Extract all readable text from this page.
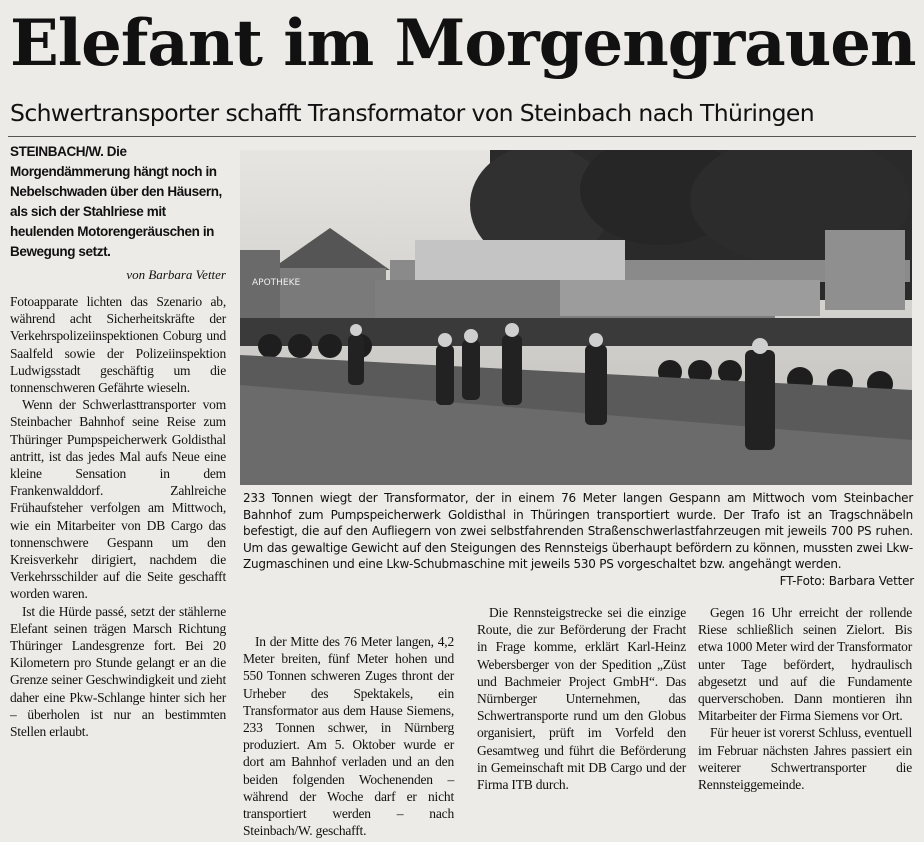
Elefant im Morgengrauen
Schwertransporter schafft Transformator von Steinbach nach Thüringen

STEINBACH/W. Die Morgendämmerung hängt noch in Nebelschwaden über den Häusern, als sich der Stahlriese mit heulenden Motorengeräuschen in Bewegung setzt.

von Barbara Vetter

Fotoapparate lichten das Szenario ab, während acht Sicherheitskräfte der Verkehrspolizeiinspektionen Coburg und Saalfeld sowie der Polizeiinspektion Ludwigsstadt geschäftig um die tonnenschweren Gefährte wieseln.

Wenn der Schwerlasttransporter vom Steinbacher Bahnhof seine Reise zum Thüringer Pumpspeicherwerk Goldisthal antritt, ist das jedes Mal aufs Neue eine kleine Sensation in dem Frankenwalddorf. Zahlreiche Frühaufsteher verfolgen am Mittwoch, wie ein Mitarbeiter von DB Cargo das tonnenschwere Gespann um den Kreisverkehr dirigiert, nachdem die Verkehrsschilder auf die Seite geschafft worden waren.

Ist die Hürde passé, setzt der stählerne Elefant seinen trägen Marsch Richtung Thüringer Landesgrenze fort. Bei 20 Kilometern pro Stunde gelangt er an die Grenze seiner Geschwindigkeit und zieht daher eine Pkw-Schlange hinter sich her – überholen ist nur an bestimmten Stellen erlaubt.

APOTHEKE
233 Tonnen wiegt der Transformator, der in einem 76 Meter langen Gespann am Mittwoch vom Steinbacher Bahnhof zum Pumpspeicherwerk Goldisthal in Thüringen transportiert wurde. Der Trafo ist an Tragschnäbeln befestigt, die auf den Aufliegern von zwei selbstfahrenden Straßenschwerlastfahrzeugen mit jeweils 700 PS ruhen. Um das gewaltige Gewicht auf den Steigungen des Rennsteigs überhaupt befördern zu können, mussten zwei Lkw-Zugmaschinen und eine Lkw-Schubmaschine mit jeweils 530 PS vorgeschaltet bzw. angehängt werden.
FT-Foto: Barbara Vetter

In der Mitte des 76 Meter langen, 4,2 Meter breiten, fünf Meter hohen und 550 Tonnen schweren Zuges thront der Urheber des Spektakels, ein Transformator aus dem Hause Siemens, 233 Tonnen schwer, in Nürnberg produziert. Am 5. Oktober wurde er dort am Bahnhof verladen und an den beiden folgenden Wochenenden – während der Woche darf er nicht transportiert werden – nach Steinbach/W. geschafft.

Die Rennsteigstrecke sei die einzige Route, die zur Beförderung der Fracht in Frage komme, erklärt Karl-Heinz Webersberger von der Spedition „Züst und Bachmeier Project GmbH“. Das Nürnberger Unternehmen, das Schwertransporte rund um den Globus organisiert, prüft im Vorfeld den Gesamtweg und führt die Beförderung in Gemeinschaft mit DB Cargo und der Firma ITB durch.

Gegen 16 Uhr erreicht der rollende Riese schließlich seinen Zielort. Bis etwa 1000 Meter wird der Transformator unter Tage befördert, hydraulisch abgesetzt und auf die Fundamente querverschoben. Dann montieren ihn Mitarbeiter der Firma Siemens vor Ort.

Für heuer ist vorerst Schluss, eventuell im Februar nächsten Jahres passiert ein weiterer Schwertransporter die Rennsteiggemeinde.
